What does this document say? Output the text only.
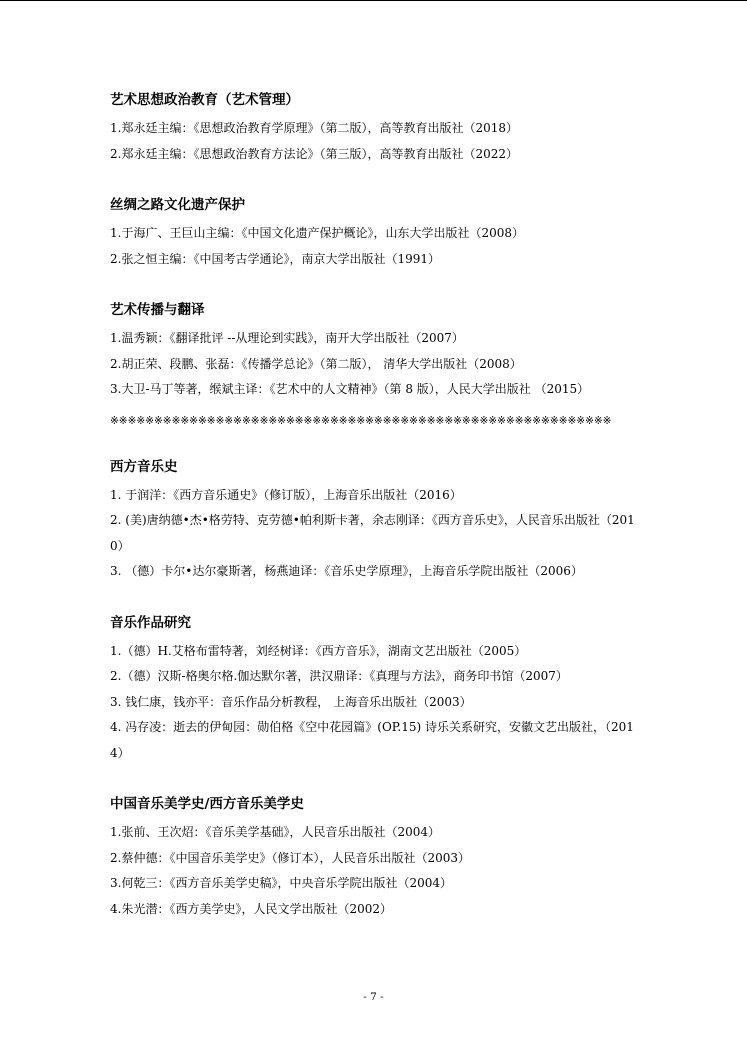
艺术思想政治教育（艺术管理）
1.郑永廷主编：《思想政治教育学原理》（第二版），高等教育出版社（2018）
2.郑永廷主编：《思想政治教育方法论》（第三版），高等教育出版社（2022）
丝绸之路文化遗产保护
1.于海广、王巨山主编：《中国文化遗产保护概论》，山东大学出版社（2008）
2.张之恒主编：《中国考古学通论》，南京大学出版社（1991）
艺术传播与翻译
1.温秀颖：《翻译批评 --从理论到实践》，南开大学出版社（2007）
2.胡正荣、段鹏、张磊：《传播学总论》（第二版）， 清华大学出版社（2008）
3.大卫-马丁等著，缑斌主译：《艺术中的人文精神》（第 8 版），人民大学出版社 （2015）
※※※※※※※※※※※※※※※※※※※※※※※※※※※※※※※※※※※※※※※※※※※※※※※※※※※※※※※※※
西方音乐史
1. 于润洋：《西方音乐通史》（修订版），上海音乐出版社（2016）
2. (美)唐纳德•杰•格劳特、克劳德•帕利斯卡著，余志刚译：《西方音乐史》，人民音乐出版社（2010）
3. （德）卡尔•达尔豪斯著，杨燕迪译：《音乐史学原理》，上海音乐学院出版社（2006）
音乐作品研究
1.（德）H.艾格布雷特著，刘经树译：《西方音乐》，湖南文艺出版社（2005）
2.（德）汉斯-格奥尔格.伽达默尔著，洪汉鼎译：《真理与方法》，商务印书馆（2007）
3. 钱仁康，钱亦平：音乐作品分析教程， 上海音乐出版社（2003）
4. 冯存凌：逝去的伊甸园：勋伯格《空中花园篇》(OP.15) 诗乐关系研究，安徽文艺出版社，（2014）
中国音乐美学史/西方音乐美学史
1.张前、王次炤：《音乐美学基础》，人民音乐出版社（2004）
2.蔡仲德：《中国音乐美学史》（修订本），人民音乐出版社（2003）
3.何乾三：《西方音乐美学史稿》，中央音乐学院出版社（2004）
4.朱光潜：《西方美学史》，人民文学出版社（2002）
- 7 -
